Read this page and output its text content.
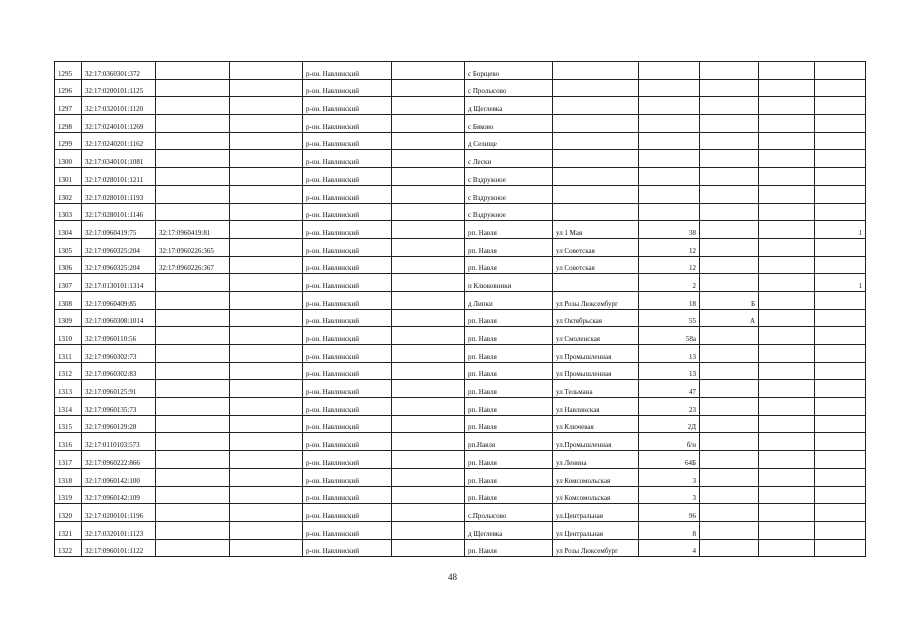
1295	32:17:0360301:372			р-он. Навлинский		с Борщево					
1296	32:17:0200101:1125			р-он. Навлинский		с Пролысово					
1297	32:17:0320101:1120			р-он. Навлинский		д Щеглевка					
1298	32:17:0240101:1269			р-он. Навлинский		с Бяково					
1299	32:17:0240201:1162			р-он. Навлинский		д Селище					
1300	32:17:0340101:1081			р-он. Навлинский		с Лески					
1301	32:17:0280101:1211			р-он. Навлинский		с Вздружное					
1302	32:17:0280101:1193			р-он. Навлинский		с Вздружное					
1303	32:17:0280101:1146			р-он. Навлинский		с Вздружное					
1304	32:17:0960419:75	32:17:0960419:81		р-он. Навлинский		рп. Навля	ул 1 Мая	38			1
1305	32:17:0960325:204	32:17:0960226:365		р-он. Навлинский		рп. Навля	ул Советская	12			
1306	32:17:0960325:204	32:17:0960226:367		р-он. Навлинский		рп. Навля	ул Советская	12			
1307	32:17:0130101:1314			р-он. Навлинский		п Клюковники		2			1
1308	32:17:0960409:85			р-он. Навлинский		д Липки	ул Розы Люксембург	18	Б		
1309	32:17:0960308:1014			р-он. Навлинский		рп. Навля	ул Октябрьская	55	А		
1310	32:17:0960110:56			р-он. Навлинский		рп. Навля	ул Смоленская	58а			
1311	32:17:0960302:73			р-он. Навлинский		рп. Навля	ул Промышленная	13			
1312	32:17:0960302:83			р-он. Навлинский		рп. Навля	ул Промышленная	13			
1313	32:17:0960125:91			р-он. Навлинский		рп. Навля	ул Тельмана	47			
1314	32:17:0960135:73			р-он. Навлинский		рп. Навля	ул Навлинская	23			
1315	32:17:0960129:28			р-он. Навлинский		рп. Навля	ул Ключевая	2Д			
1316	32:17:0110103:573			р-он. Навлинский		рп.Навля	ул.Промышленная	б/н			
1317	32:17:0960222:866			р-он. Навлинский		рп. Навля	ул Ленина	64Б			
1318	32:17:0960142:100			р-он. Навлинский		рп. Навля	ул Комсомольская	3			
1319	32:17:0960142:109			р-он. Навлинский		рп. Навля	ул Комсомольская	3			
1320	32:17:0200101:1196			р-он. Навлинский		с.Пролысово	ул.Центральная	96			
1321	32:17:0320101:1123			р-он. Навлинский		д Щеглевка	ул Центральная	8			
1322	32:17:0960101:1122			р-он. Навлинский		рп. Навля	ул Розы Люксембург	4			
48
